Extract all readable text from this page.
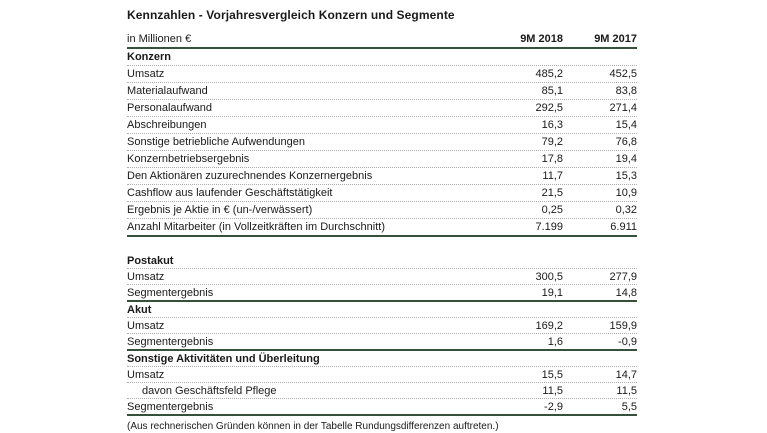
Kennzahlen - Vorjahresvergleich Konzern und Segmente
in Millionen €	9M 2018	9M 2017
Konzern
Umsatz	485,2	452,5
Materialaufwand	85,1	83,8
Personalaufwand	292,5	271,4
Abschreibungen	16,3	15,4
Sonstige betriebliche Aufwendungen	79,2	76,8
Konzernbetriebsergebnis	17,8	19,4
Den Aktionären zuzurechnendes Konzernergebnis	11,7	15,3
Cashflow aus laufender Geschäftstätigkeit	21,5	10,9
Ergebnis je Aktie in € (un-/verwässert)	0,25	0,32
Anzahl Mitarbeiter (in Vollzeitkräften im Durchschnitt)	7.199	6.911
Postakut
Umsatz	300,5	277,9
Segmentergebnis	19,1	14,8
Akut
Umsatz	169,2	159,9
Segmentergebnis	1,6	-0,9
Sonstige Aktivitäten und Überleitung
Umsatz	15,5	14,7
davon Geschäftsfeld Pflege	11,5	11,5
Segmentergebnis	-2,9	5,5
(Aus rechnerischen Gründen können in der Tabelle Rundungsdifferenzen auftreten.)
